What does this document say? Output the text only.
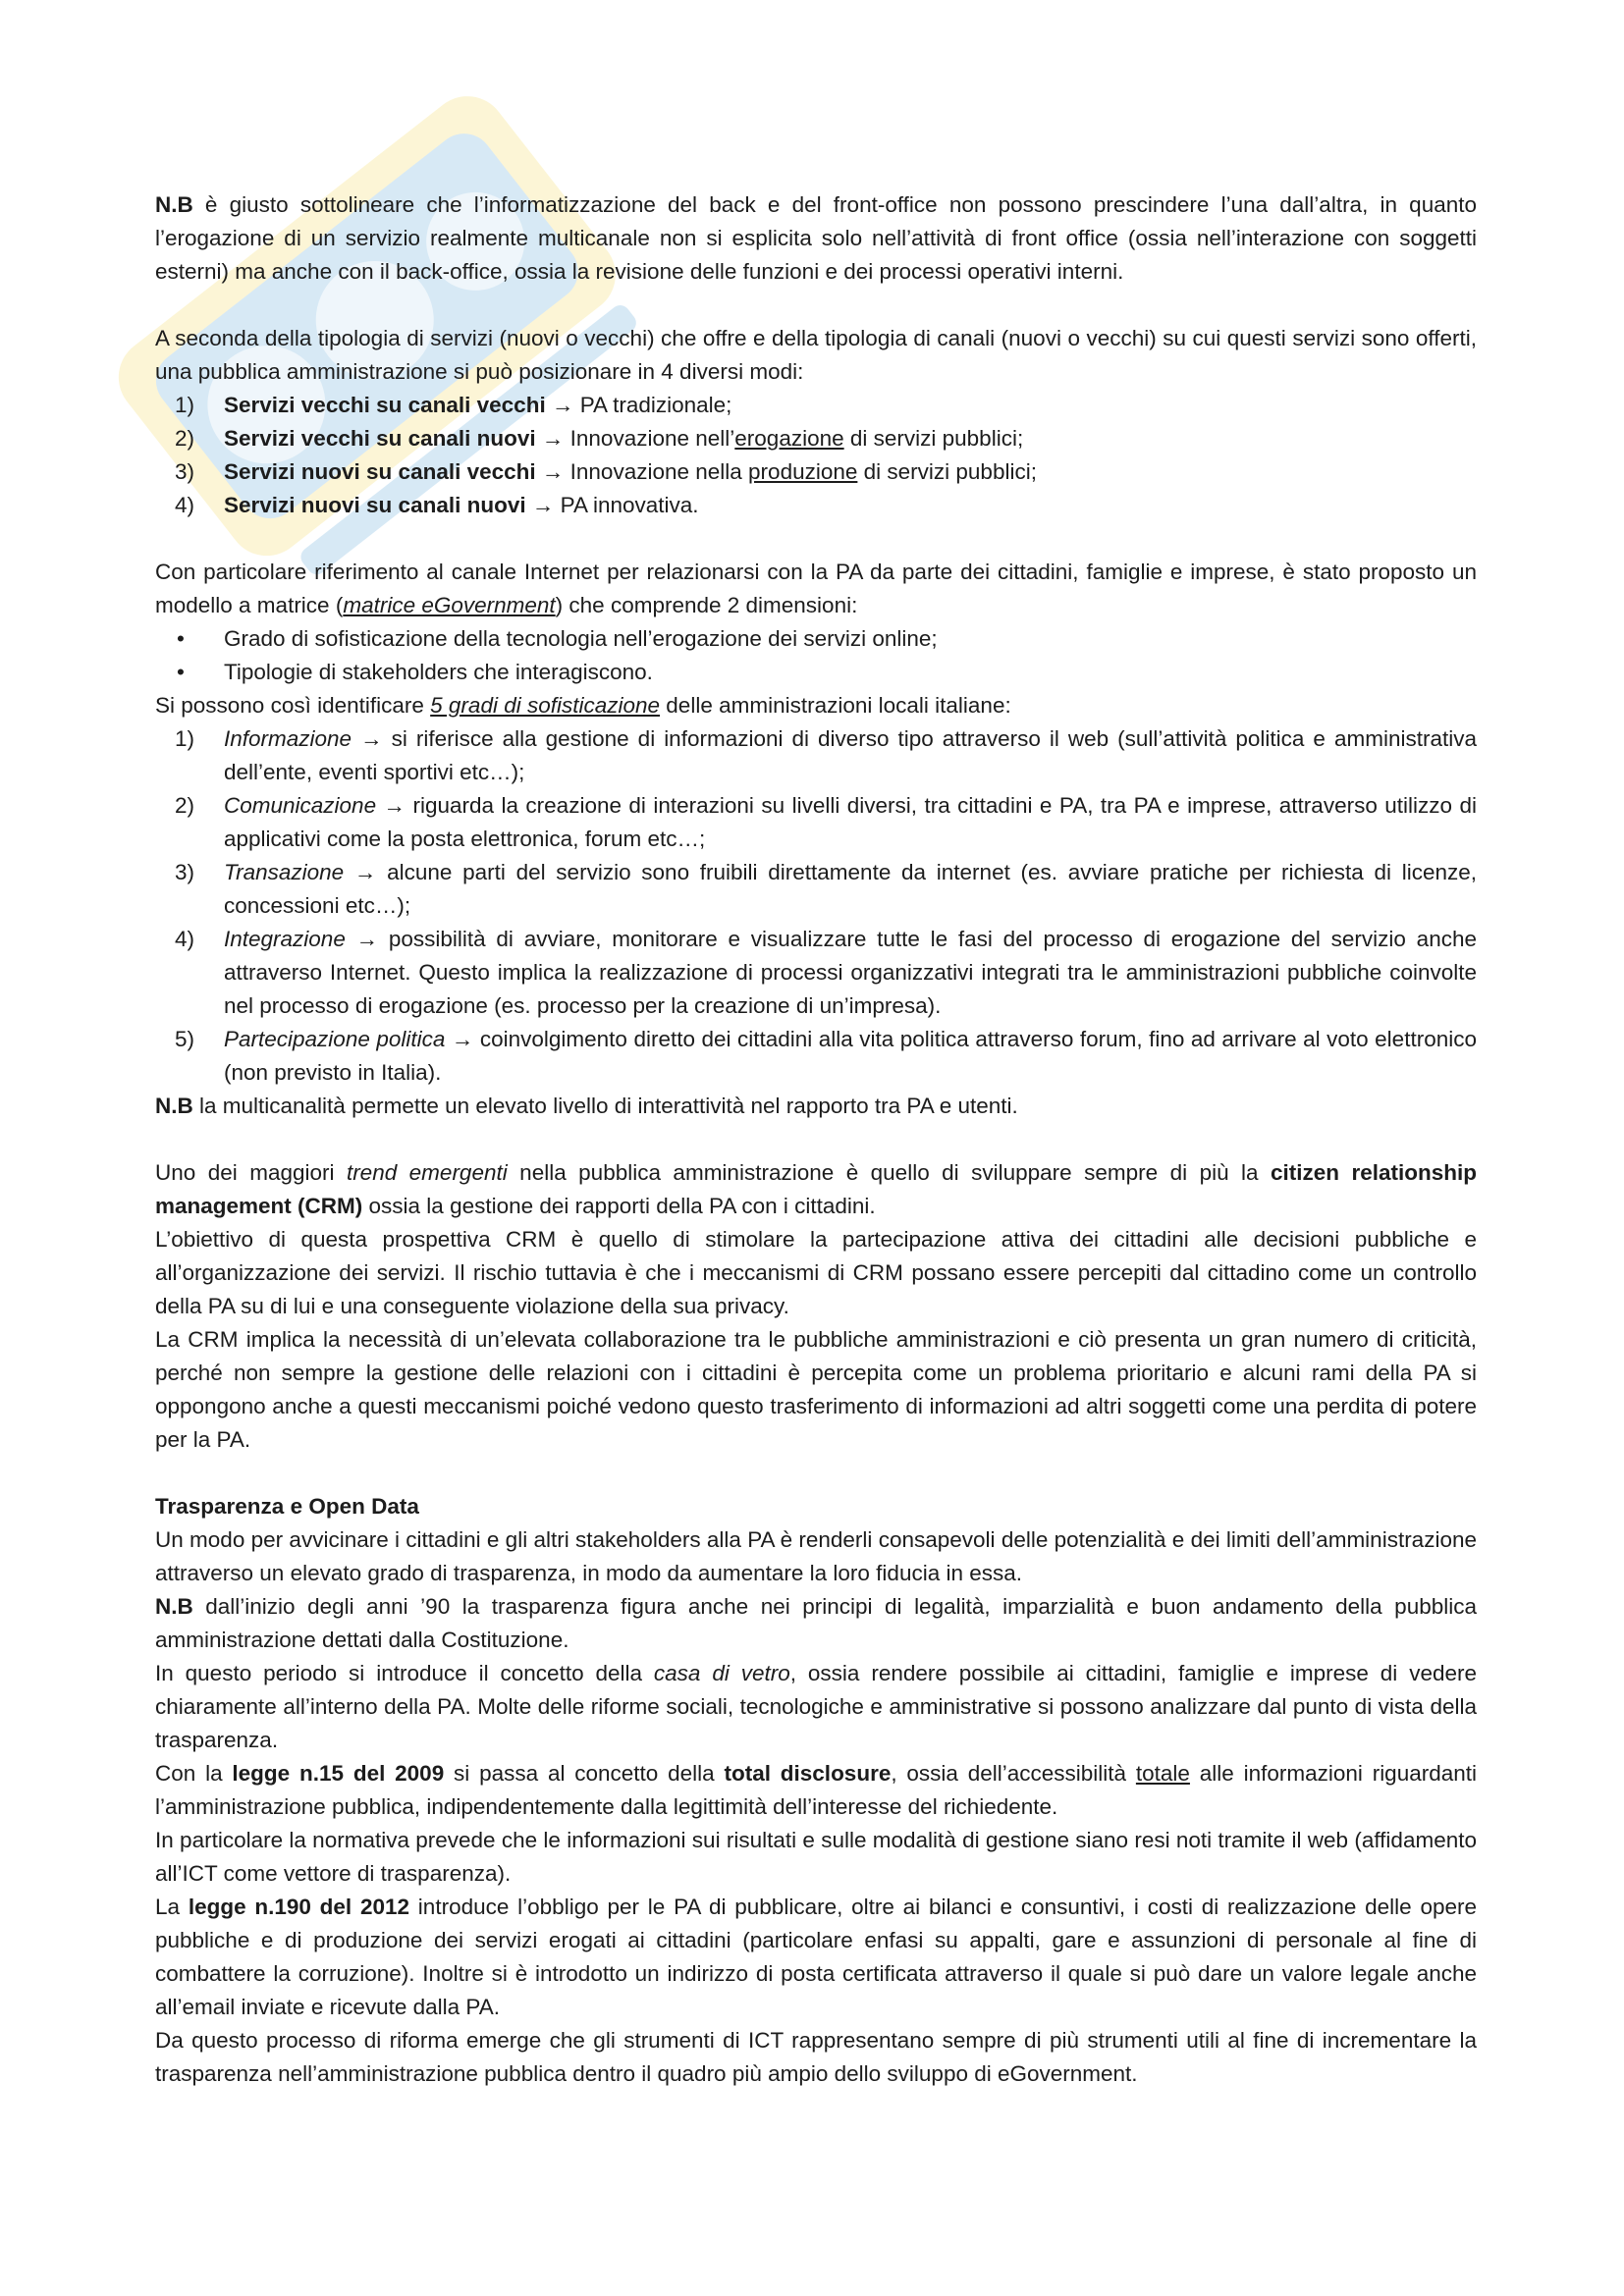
N.B è giusto sottolineare che l’informatizzazione del back e del front-office non possono prescindere l’una dall’altra, in quanto l’erogazione di un servizio realmente multicanale non si esplicita solo nell’attività di front office (ossia nell’interazione con soggetti esterni) ma anche con il back-office, ossia la revisione delle funzioni e dei processi operativi interni.

A seconda della tipologia di servizi (nuovi o vecchi) che offre e della tipologia di canali (nuovi o vecchi) su cui questi servizi sono offerti, una pubblica amministrazione si può posizionare in 4 diversi modi:

1) Servizi vecchi su canali vecchi → PA tradizionale;
2) Servizi vecchi su canali nuovi → Innovazione nell’erogazione di servizi pubblici;
3) Servizi nuovi su canali vecchi → Innovazione nella produzione di servizi pubblici;
4) Servizi nuovi su canali nuovi → PA innovativa.

Con particolare riferimento al canale Internet per relazionarsi con la PA da parte dei cittadini, famiglie e imprese, è stato proposto un modello a matrice (matrice eGovernment) che comprende 2 dimensioni:

• Grado di sofisticazione della tecnologia nell’erogazione dei servizi online;
• Tipologie di stakeholders che interagiscono.

Si possono così identificare 5 gradi di sofisticazione delle amministrazioni locali italiane:

1) Informazione → si riferisce alla gestione di informazioni di diverso tipo attraverso il web (sull’attività politica e amministrativa dell’ente, eventi sportivi etc…);
2) Comunicazione → riguarda la creazione di interazioni su livelli diversi, tra cittadini e PA, tra PA e imprese, attraverso utilizzo di applicativi come la posta elettronica, forum etc…;
3) Transazione → alcune parti del servizio sono fruibili direttamente da internet (es. avviare pratiche per richiesta di licenze, concessioni etc…);
4) Integrazione → possibilità di avviare, monitorare e visualizzare tutte le fasi del processo di erogazione del servizio anche attraverso Internet. Questo implica la realizzazione di processi organizzativi integrati tra le amministrazioni pubbliche coinvolte nel processo di erogazione (es. processo per la creazione di un’impresa).
5) Partecipazione politica → coinvolgimento diretto dei cittadini alla vita politica attraverso forum, fino ad arrivare al voto elettronico (non previsto in Italia).

N.B la multicanalità permette un elevato livello di interattività nel rapporto tra PA e utenti.

Uno dei maggiori trend emergenti nella pubblica amministrazione è quello di sviluppare sempre di più la citizen relationship management (CRM) ossia la gestione dei rapporti della PA con i cittadini.

L’obiettivo di questa prospettiva CRM è quello di stimolare la partecipazione attiva dei cittadini alle decisioni pubbliche e all’organizzazione dei servizi. Il rischio tuttavia è che i meccanismi di CRM possano essere percepiti dal cittadino come un controllo della PA su di lui e una conseguente violazione della sua privacy.

La CRM implica la necessità di un’elevata collaborazione tra le pubbliche amministrazioni e ciò presenta un gran numero di criticità, perché non sempre la gestione delle relazioni con i cittadini è percepita come un problema prioritario e alcuni rami della PA si oppongono anche a questi meccanismi poiché vedono questo trasferimento di informazioni ad altri soggetti come una perdita di potere per la PA.

Trasparenza e Open Data

Un modo per avvicinare i cittadini e gli altri stakeholders alla PA è renderli consapevoli delle potenzialità e dei limiti dell’amministrazione attraverso un elevato grado di trasparenza, in modo da aumentare la loro fiducia in essa.

N.B dall’inizio degli anni ’90 la trasparenza figura anche nei principi di legalità, imparzialità e buon andamento della pubblica amministrazione dettati dalla Costituzione.

In questo periodo si introduce il concetto della casa di vetro, ossia rendere possibile ai cittadini, famiglie e imprese di vedere chiaramente all’interno della PA. Molte delle riforme sociali, tecnologiche e amministrative si possono analizzare dal punto di vista della trasparenza.

Con la legge n.15 del 2009 si passa al concetto della total disclosure, ossia dell’accessibilità totale alle informazioni riguardanti l’amministrazione pubblica, indipendentemente dalla legittimità dell’interesse del richiedente.

In particolare la normativa prevede che le informazioni sui risultati e sulle modalità di gestione siano resi noti tramite il web (affidamento all’ICT come vettore di trasparenza).

La legge n.190 del 2012 introduce l’obbligo per le PA di pubblicare, oltre ai bilanci e consuntivi, i costi di realizzazione delle opere pubbliche e di produzione dei servizi erogati ai cittadini (particolare enfasi su appalti, gare e assunzioni di personale al fine di combattere la corruzione). Inoltre si è introdotto un indirizzo di posta certificata attraverso il quale si può dare un valore legale anche all’email inviate e ricevute dalla PA.

Da questo processo di riforma emerge che gli strumenti di ICT rappresentano sempre di più strumenti utili al fine di incrementare la trasparenza nell’amministrazione pubblica dentro il quadro più ampio dello sviluppo di eGovernment.
